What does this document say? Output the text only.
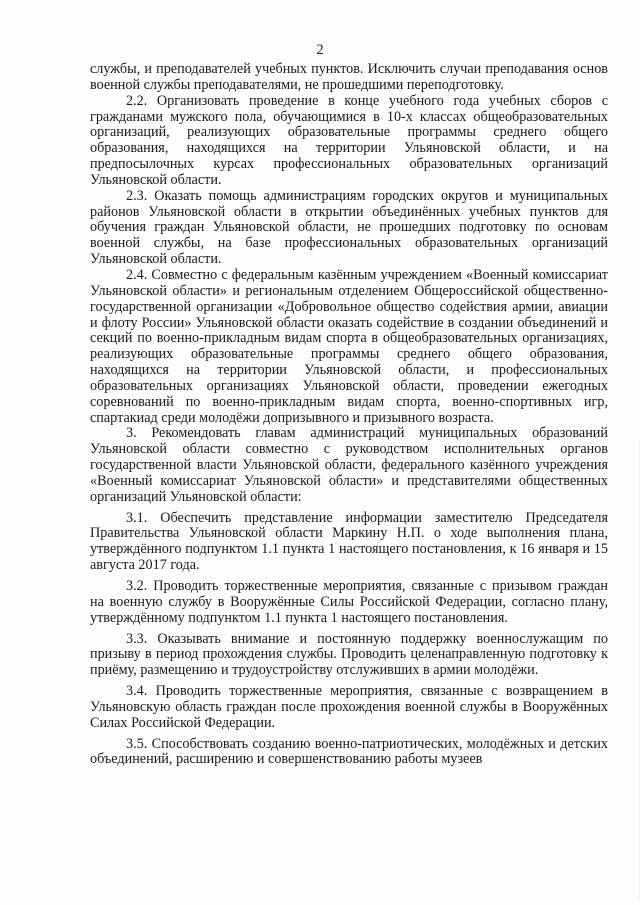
2

службы, и преподавателей учебных пунктов. Исключить случаи преподавания основ военной службы преподавателями, не прошедшими переподготовку.

2.2. Организовать проведение в конце учебного года учебных сборов с гражданами мужского пола, обучающимися в 10-х классах общеобразовательных организаций, реализующих образовательные программы среднего общего образования, находящихся на территории Ульяновской области, и на предпосылочных курсах профессиональных образовательных организаций Ульяновской области.

2.3. Оказать помощь администрациям городских округов и муниципальных районов Ульяновской области в открытии объединённых учебных пунктов для обучения граждан Ульяновской области, не прошедших подготовку по основам военной службы, на базе профессиональных образовательных организаций Ульяновской области.

2.4. Совместно с федеральным казённым учреждением «Военный комиссариат Ульяновской области» и региональным отделением Общероссийской общественно-государственной организации «Добровольное общество содействия армии, авиации и флоту России» Ульяновской области оказать содействие в создании объединений и секций по военно-прикладным видам спорта в общеобразовательных организациях, реализующих образовательные программы среднего общего образования, находящихся на территории Ульяновской области, и профессиональных образовательных организациях Ульяновской области, проведении ежегодных соревнований по военно-прикладным видам спорта, военно-спортивных игр, спартакиад среди молодёжи допризывного и призывного возраста.

3. Рекомендовать главам администраций муниципальных образований Ульяновской области совместно с руководством исполнительных органов государственной власти Ульяновской области, федерального казённого учреждения «Военный комиссариат Ульяновской области» и представителями общественных организаций Ульяновской области:

3.1. Обеспечить представление информации заместителю Председателя Правительства Ульяновской области Маркину Н.П. о ходе выполнения плана, утверждённого подпунктом 1.1 пункта 1 настоящего постановления, к 16 января и 15 августа 2017 года.

3.2. Проводить торжественные мероприятия, связанные с призывом граждан на военную службу в Вооружённые Силы Российской Федерации, согласно плану, утверждённому подпунктом 1.1 пункта 1 настоящего постановления.

3.3. Оказывать внимание и постоянную поддержку военнослужащим по призыву в период прохождения службы. Проводить целенаправленную подготовку к приёму, размещению и трудоустройству отслуживших в армии молодёжи.

3.4. Проводить торжественные мероприятия, связанные с возвращением в Ульяновскую область граждан после прохождения военной службы в Вооружённых Силах Российской Федерации.

3.5. Способствовать созданию военно-патриотических, молодёжных и детских объединений, расширению и совершенствованию работы музеев
